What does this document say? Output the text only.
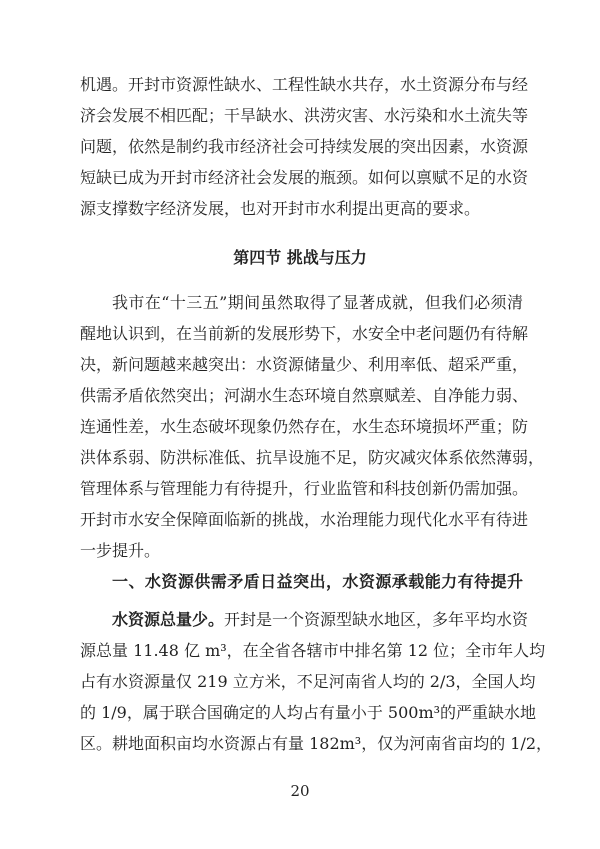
机遇。开封市资源性缺水、工程性缺水共存，水土资源分布与经
济会发展不相匹配；干旱缺水、洪涝灾害、水污染和水土流失等
问题，依然是制约我市经济社会可持续发展的突出因素，水资源
短缺已成为开封市经济社会发展的瓶颈。如何以禀赋不足的水资
源支撑数字经济发展，也对开封市水利提出更高的要求。
第四节 挑战与压力
我市在“十三五”期间虽然取得了显著成就，但我们必须清
醒地认识到，在当前新的发展形势下，水安全中老问题仍有待解
决，新问题越来越突出：水资源储量少、利用率低、超采严重，
供需矛盾依然突出；河湖水生态环境自然禀赋差、自净能力弱、
连通性差，水生态破坏现象仍然存在，水生态环境损坏严重；防
洪体系弱、防洪标准低、抗旱设施不足，防灾减灾体系依然薄弱，
管理体系与管理能力有待提升，行业监管和科技创新仍需加强。
开封市水安全保障面临新的挑战，水治理能力现代化水平有待进
一步提升。
一、水资源供需矛盾日益突出，水资源承载能力有待提升
水资源总量少。开封是一个资源型缺水地区，多年平均水资
源总量 11.48 亿 m³，在全省各辖市中排名第 12 位；全市年人均
占有水资源量仅 219 立方米，不足河南省人均的 2/3，全国人均
的 1/9，属于联合国确定的人均占有量小于 500m³的严重缺水地
区。耕地面积亩均水资源占有量 182m³，仅为河南省亩均的 1/2，
20
